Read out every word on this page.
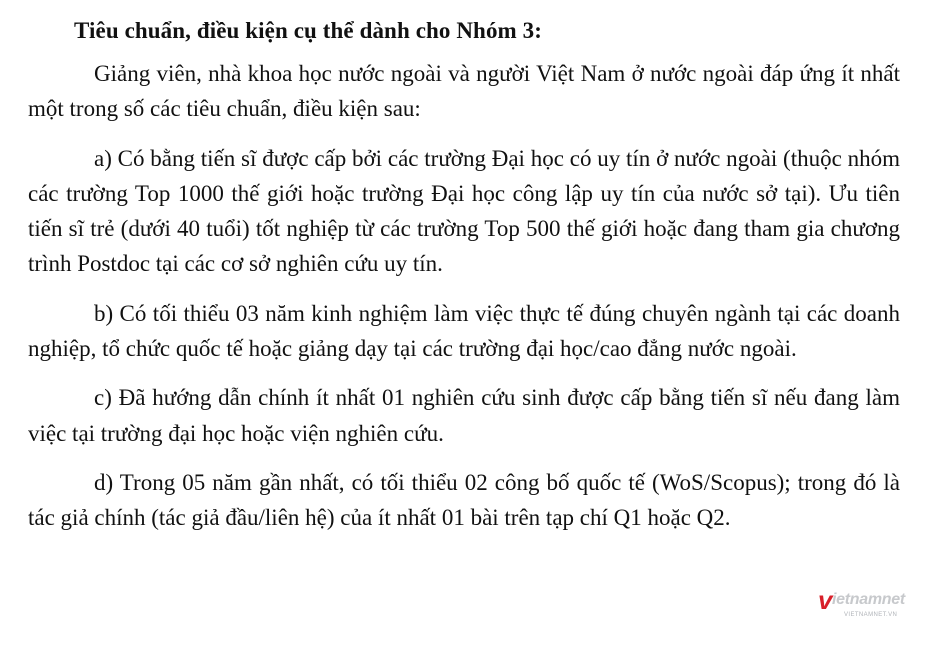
Tiêu chuẩn, điều kiện cụ thể dành cho Nhóm 3:

Giảng viên, nhà khoa học nước ngoài và người Việt Nam ở nước ngoài đáp ứng ít nhất một trong số các tiêu chuẩn, điều kiện sau:

a) Có bằng tiến sĩ được cấp bởi các trường Đại học có uy tín ở nước ngoài (thuộc nhóm các trường Top 1000 thế giới hoặc trường Đại học công lập uy tín của nước sở tại). Ưu tiên tiến sĩ trẻ (dưới 40 tuổi) tốt nghiệp từ các trường Top 500 thế giới hoặc đang tham gia chương trình Postdoc tại các cơ sở nghiên cứu uy tín.

b) Có tối thiểu 03 năm kinh nghiệm làm việc thực tế đúng chuyên ngành tại các doanh nghiệp, tổ chức quốc tế hoặc giảng dạy tại các trường đại học/cao đẳng nước ngoài.

c) Đã hướng dẫn chính ít nhất 01 nghiên cứu sinh được cấp bằng tiến sĩ nếu đang làm việc tại trường đại học hoặc viện nghiên cứu.

d) Trong 05 năm gần nhất, có tối thiểu 02 công bố quốc tế (WoS/Scopus); trong đó là tác giả chính (tác giả đầu/liên hệ) của ít nhất 01 bài trên tạp chí Q1 hoặc Q2.

v ietnamnet
VIETNAMNET.VN
